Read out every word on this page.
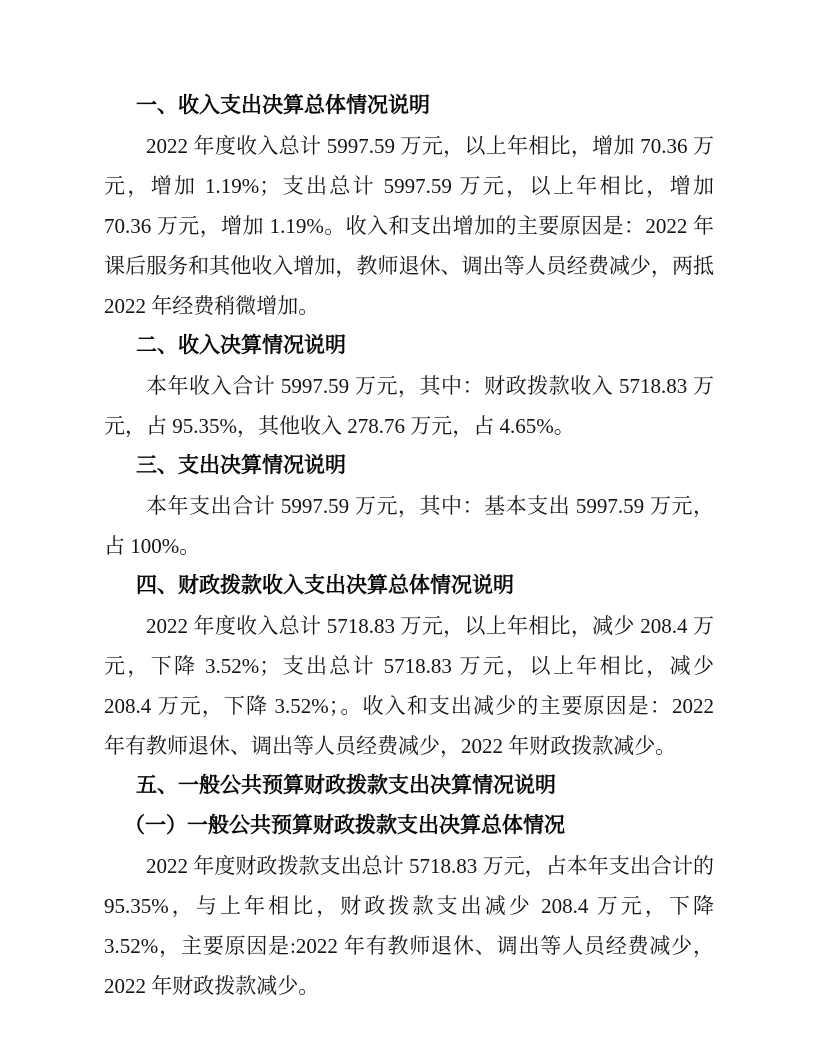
一、收入支出决算总体情况说明

2022 年度收入总计 5997.59 万元，以上年相比，增加 70.36 万元，增加 1.19%；支出总计 5997.59 万元，以上年相比，增加 70.36 万元，增加 1.19%。收入和支出增加的主要原因是：2022 年课后服务和其他收入增加，教师退休、调出等人员经费减少，两抵 2022 年经费稍微增加。

二、收入决算情况说明

本年收入合计 5997.59 万元，其中：财政拨款收入 5718.83 万元，占 95.35%，其他收入 278.76 万元，占 4.65%。

三、支出决算情况说明

本年支出合计 5997.59 万元，其中：基本支出 5997.59 万元，占 100%。

四、财政拨款收入支出决算总体情况说明

2022 年度收入总计 5718.83 万元，以上年相比，减少 208.4 万元，下降 3.52%；支出总计 5718.83 万元，以上年相比，减少 208.4 万元，下降 3.52%；。收入和支出减少的主要原因是：2022 年有教师退休、调出等人员经费减少，2022 年财政拨款减少。

五、一般公共预算财政拨款支出决算情况说明
（一）一般公共预算财政拨款支出决算总体情况

2022 年度财政拨款支出总计 5718.83 万元，占本年支出合计的 95.35%，与上年相比，财政拨款支出减少 208.4 万元，下降 3.52%，主要原因是:2022 年有教师退休、调出等人员经费减少，2022 年财政拨款减少。
